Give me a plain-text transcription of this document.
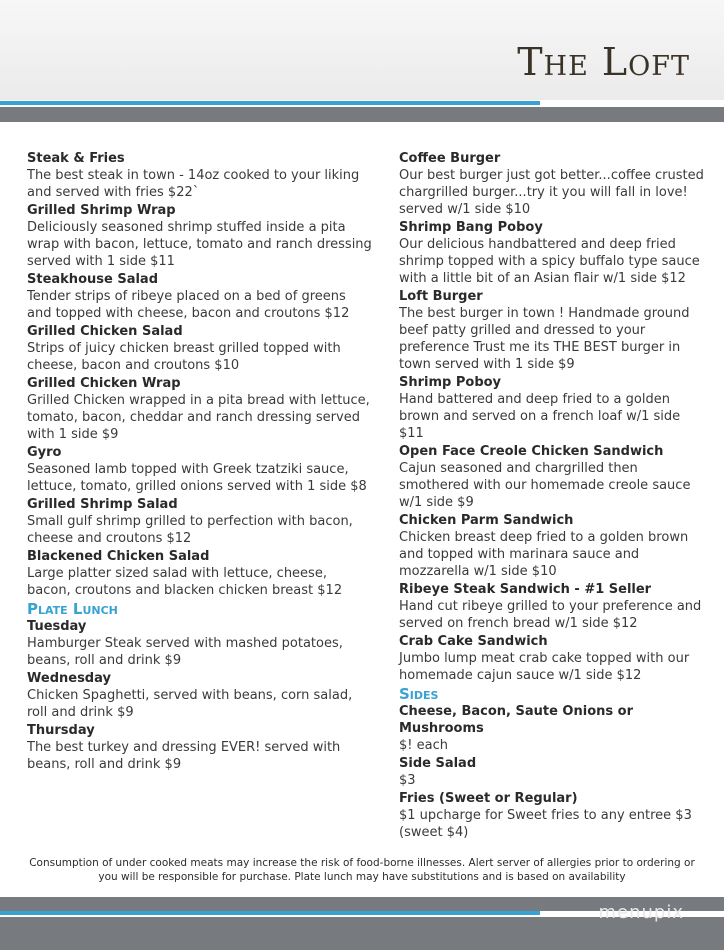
The Loft
Steak & Fries
The best steak in town - 14oz cooked to your liking and served with fries $22`
Grilled Shrimp Wrap
Deliciously seasoned shrimp stuffed inside a pita wrap with bacon, lettuce, tomato and ranch dressing served with 1 side $11
Steakhouse Salad
Tender strips of ribeye placed on a bed of greens and topped with cheese, bacon and croutons $12
Grilled Chicken Salad
Strips of juicy chicken breast grilled topped with cheese, bacon and croutons $10
Grilled Chicken Wrap
Grilled Chicken wrapped in a pita bread with lettuce, tomato, bacon, cheddar and ranch dressing served with 1 side $9
Gyro
Seasoned lamb topped with Greek tzatziki sauce, lettuce, tomato, grilled onions served with 1 side $8
Grilled Shrimp Salad
Small gulf shrimp grilled to perfection with bacon, cheese and croutons $12
Blackened Chicken Salad
Large platter sized salad with lettuce, cheese, bacon, croutons and blacken chicken breast $12
Plate Lunch
Tuesday
Hamburger Steak served with mashed potatoes, beans, roll and drink $9
Wednesday
Chicken Spaghetti, served with beans, corn salad, roll and drink $9
Thursday
The best turkey and dressing EVER! served with beans, roll and drink $9
Coffee Burger
Our best burger just got better...coffee crusted chargrilled burger...try it you will fall in love! served w/1 side $10
Shrimp Bang Poboy
Our delicious handbattered and deep fried shrimp topped with a spicy buffalo type sauce with a little bit of an Asian flair w/1 side $12
Loft Burger
The best burger in town ! Handmade ground beef patty grilled and dressed to your preference Trust me its THE BEST burger in town served with 1 side $9
Shrimp Poboy
Hand battered and deep fried to a golden brown and served on a french loaf w/1 side $11
Open Face Creole Chicken Sandwich
Cajun seasoned and chargrilled then smothered with our homemade creole sauce w/1 side $9
Chicken Parm Sandwich
Chicken breast deep fried to a golden brown and topped with marinara sauce and mozzarella w/1 side $10
Ribeye Steak Sandwich - #1 Seller
Hand cut ribeye grilled to your preference and served on french bread w/1 side $12
Crab Cake Sandwich
Jumbo lump meat crab cake topped with our homemade cajun sauce w/1 side $12
Sides
Cheese, Bacon, Saute Onions or Mushrooms
$! each
Side Salad
$3
Fries (Sweet or Regular)
$1 upcharge for Sweet fries to any entree $3 (sweet $4)
Consumption of under cooked meats may increase the risk of food-borne illnesses. Alert server of allergies prior to ordering or
you will be responsible for purchase. Plate lunch may have substitutions and is based on availability
menupix
